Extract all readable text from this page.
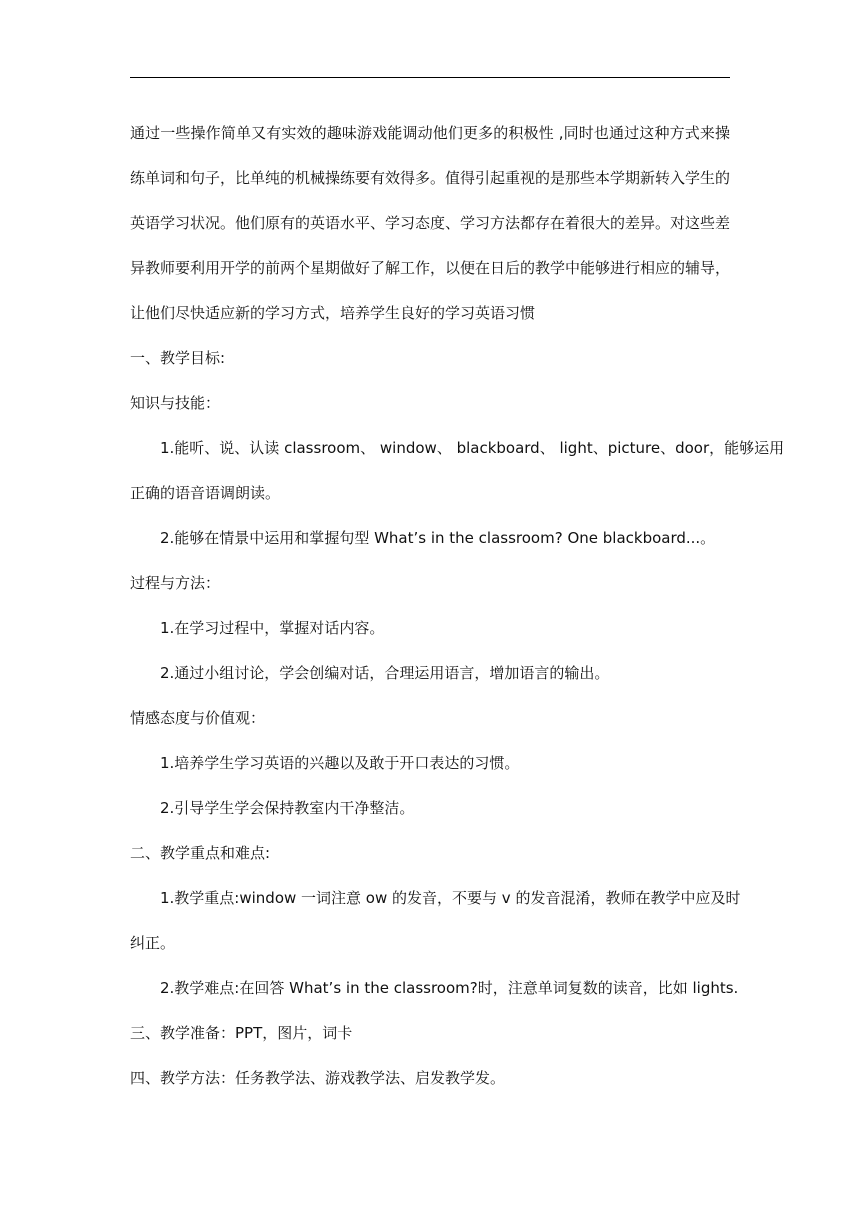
通过一些操作简单又有实效的趣味游戏能调动他们更多的积极性 ,同时也通过这种方式来操
练单词和句子，比单纯的机械操练要有效得多。值得引起重视的是那些本学期新转入学生的
英语学习状况。他们原有的英语水平、学习态度、学习方法都存在着很大的差异。对这些差
异教师要利用开学的前两个星期做好了解工作，以便在日后的教学中能够进行相应的辅导，
让他们尽快适应新的学习方式，培养学生良好的学习英语习惯
一、教学目标:
知识与技能：
1.能听、说、认读 classroom、 window、 blackboard、 light、picture、door，能够运用
正确的语音语调朗读。
2.能够在情景中运用和掌握句型 What’s in the classroom? One blackboard...。
过程与方法：
1.在学习过程中，掌握对话内容。
2.通过小组讨论，学会创编对话，合理运用语言，增加语言的输出。
情感态度与价值观：
1.培养学生学习英语的兴趣以及敢于开口表达的习惯。
2.引导学生学会保持教室内干净整洁。
二、教学重点和难点:
1.教学重点:window 一词注意 ow 的发音，不要与 v 的发音混淆，教师在教学中应及时
纠正。
2.教学难点:在回答 What’s in the classroom?时，注意单词复数的读音，比如 lights.
三、教学准备：PPT，图片，词卡
四、教学方法：任务教学法、游戏教学法、启发教学发。
